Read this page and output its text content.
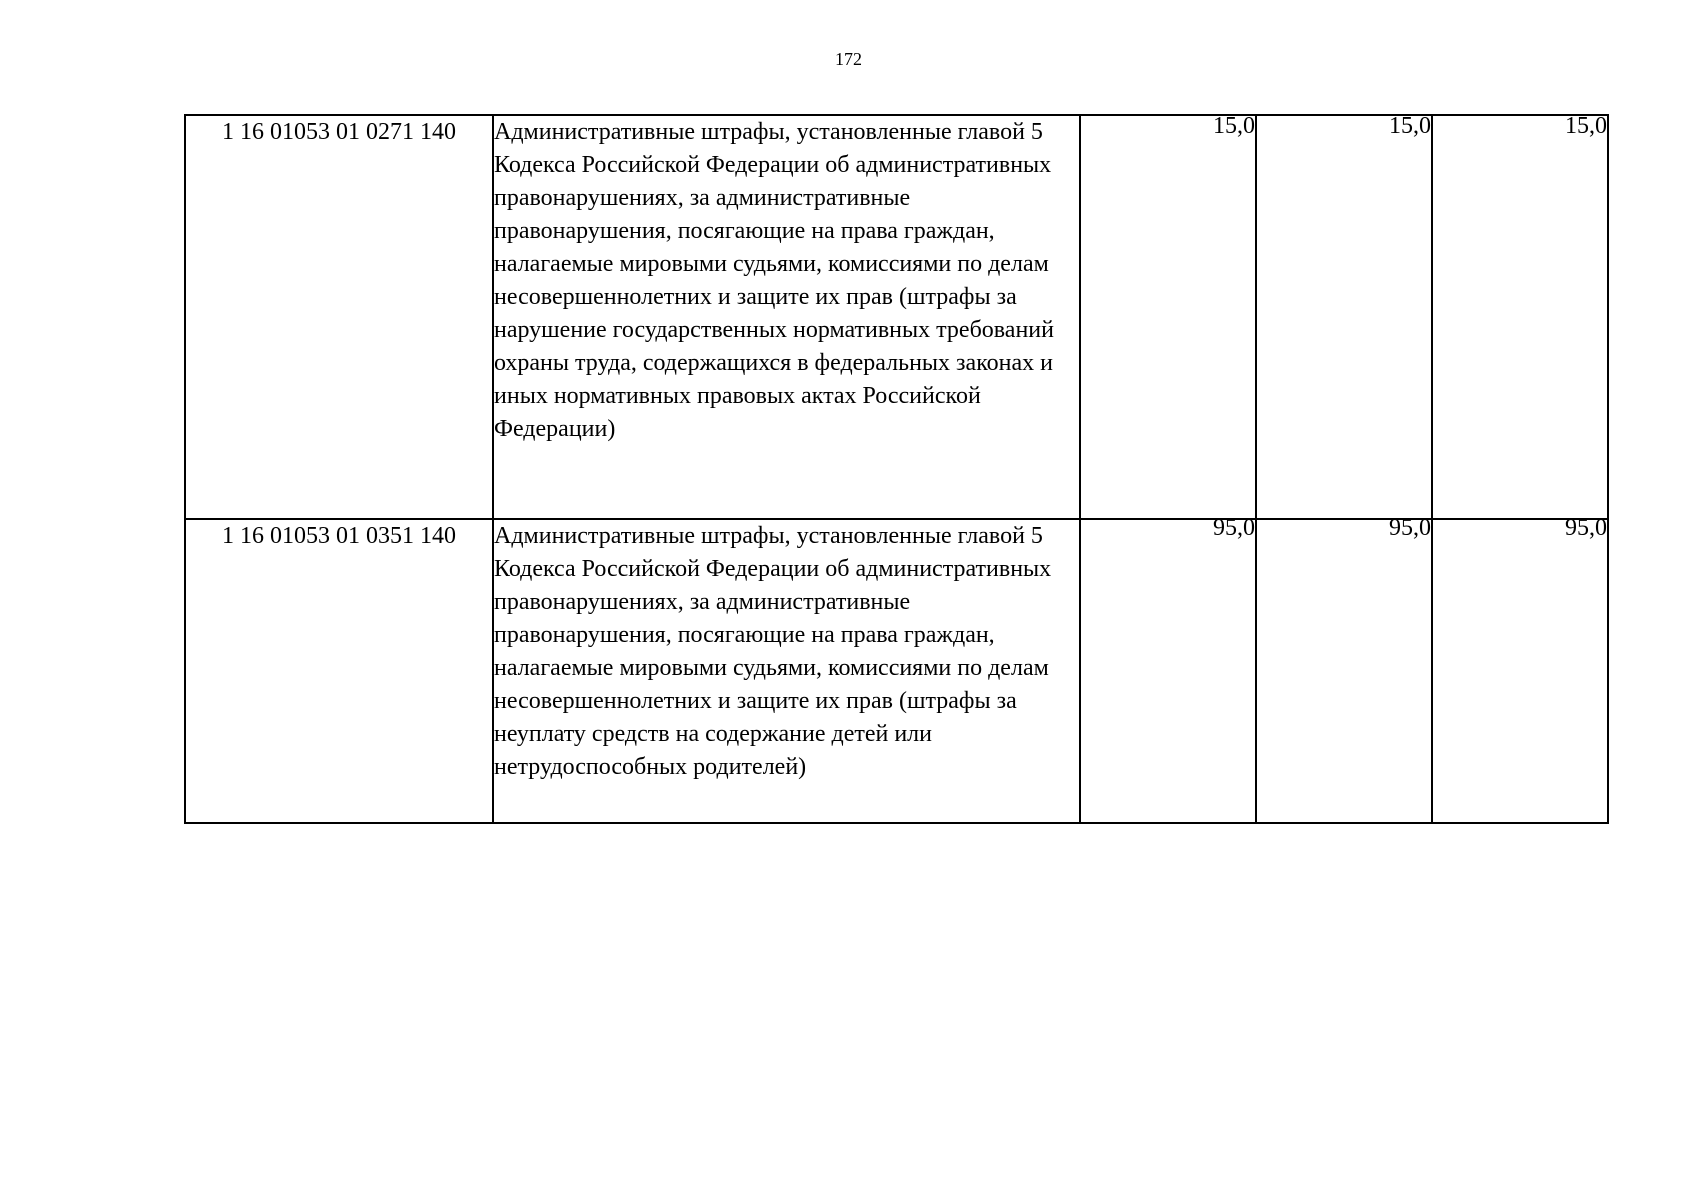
172
1 16 01053 01 0271 140	Административные штрафы, установленные главой 5 Кодекса Российской Федерации об административных правонарушениях, за административные правонарушения, посягающие на права граждан, налагаемые мировыми судьями, комиссиями по делам несовершеннолетних и защите их прав (штрафы за нарушение государственных нормативных требований охраны труда, содержащихся в федеральных законах и иных нормативных правовых актах Российской Федерации)	15,0	15,0	15,0

1 16 01053 01 0351 140	Административные штрафы, установленные главой 5 Кодекса Российской Федерации об административных правонарушениях, за административные правонарушения, посягающие на права граждан, налагаемые мировыми судьями, комиссиями по делам несовершеннолетних и защите их прав (штрафы за неуплату средств на содержание детей или нетрудоспособных родителей)	95,0	95,0	95,0
